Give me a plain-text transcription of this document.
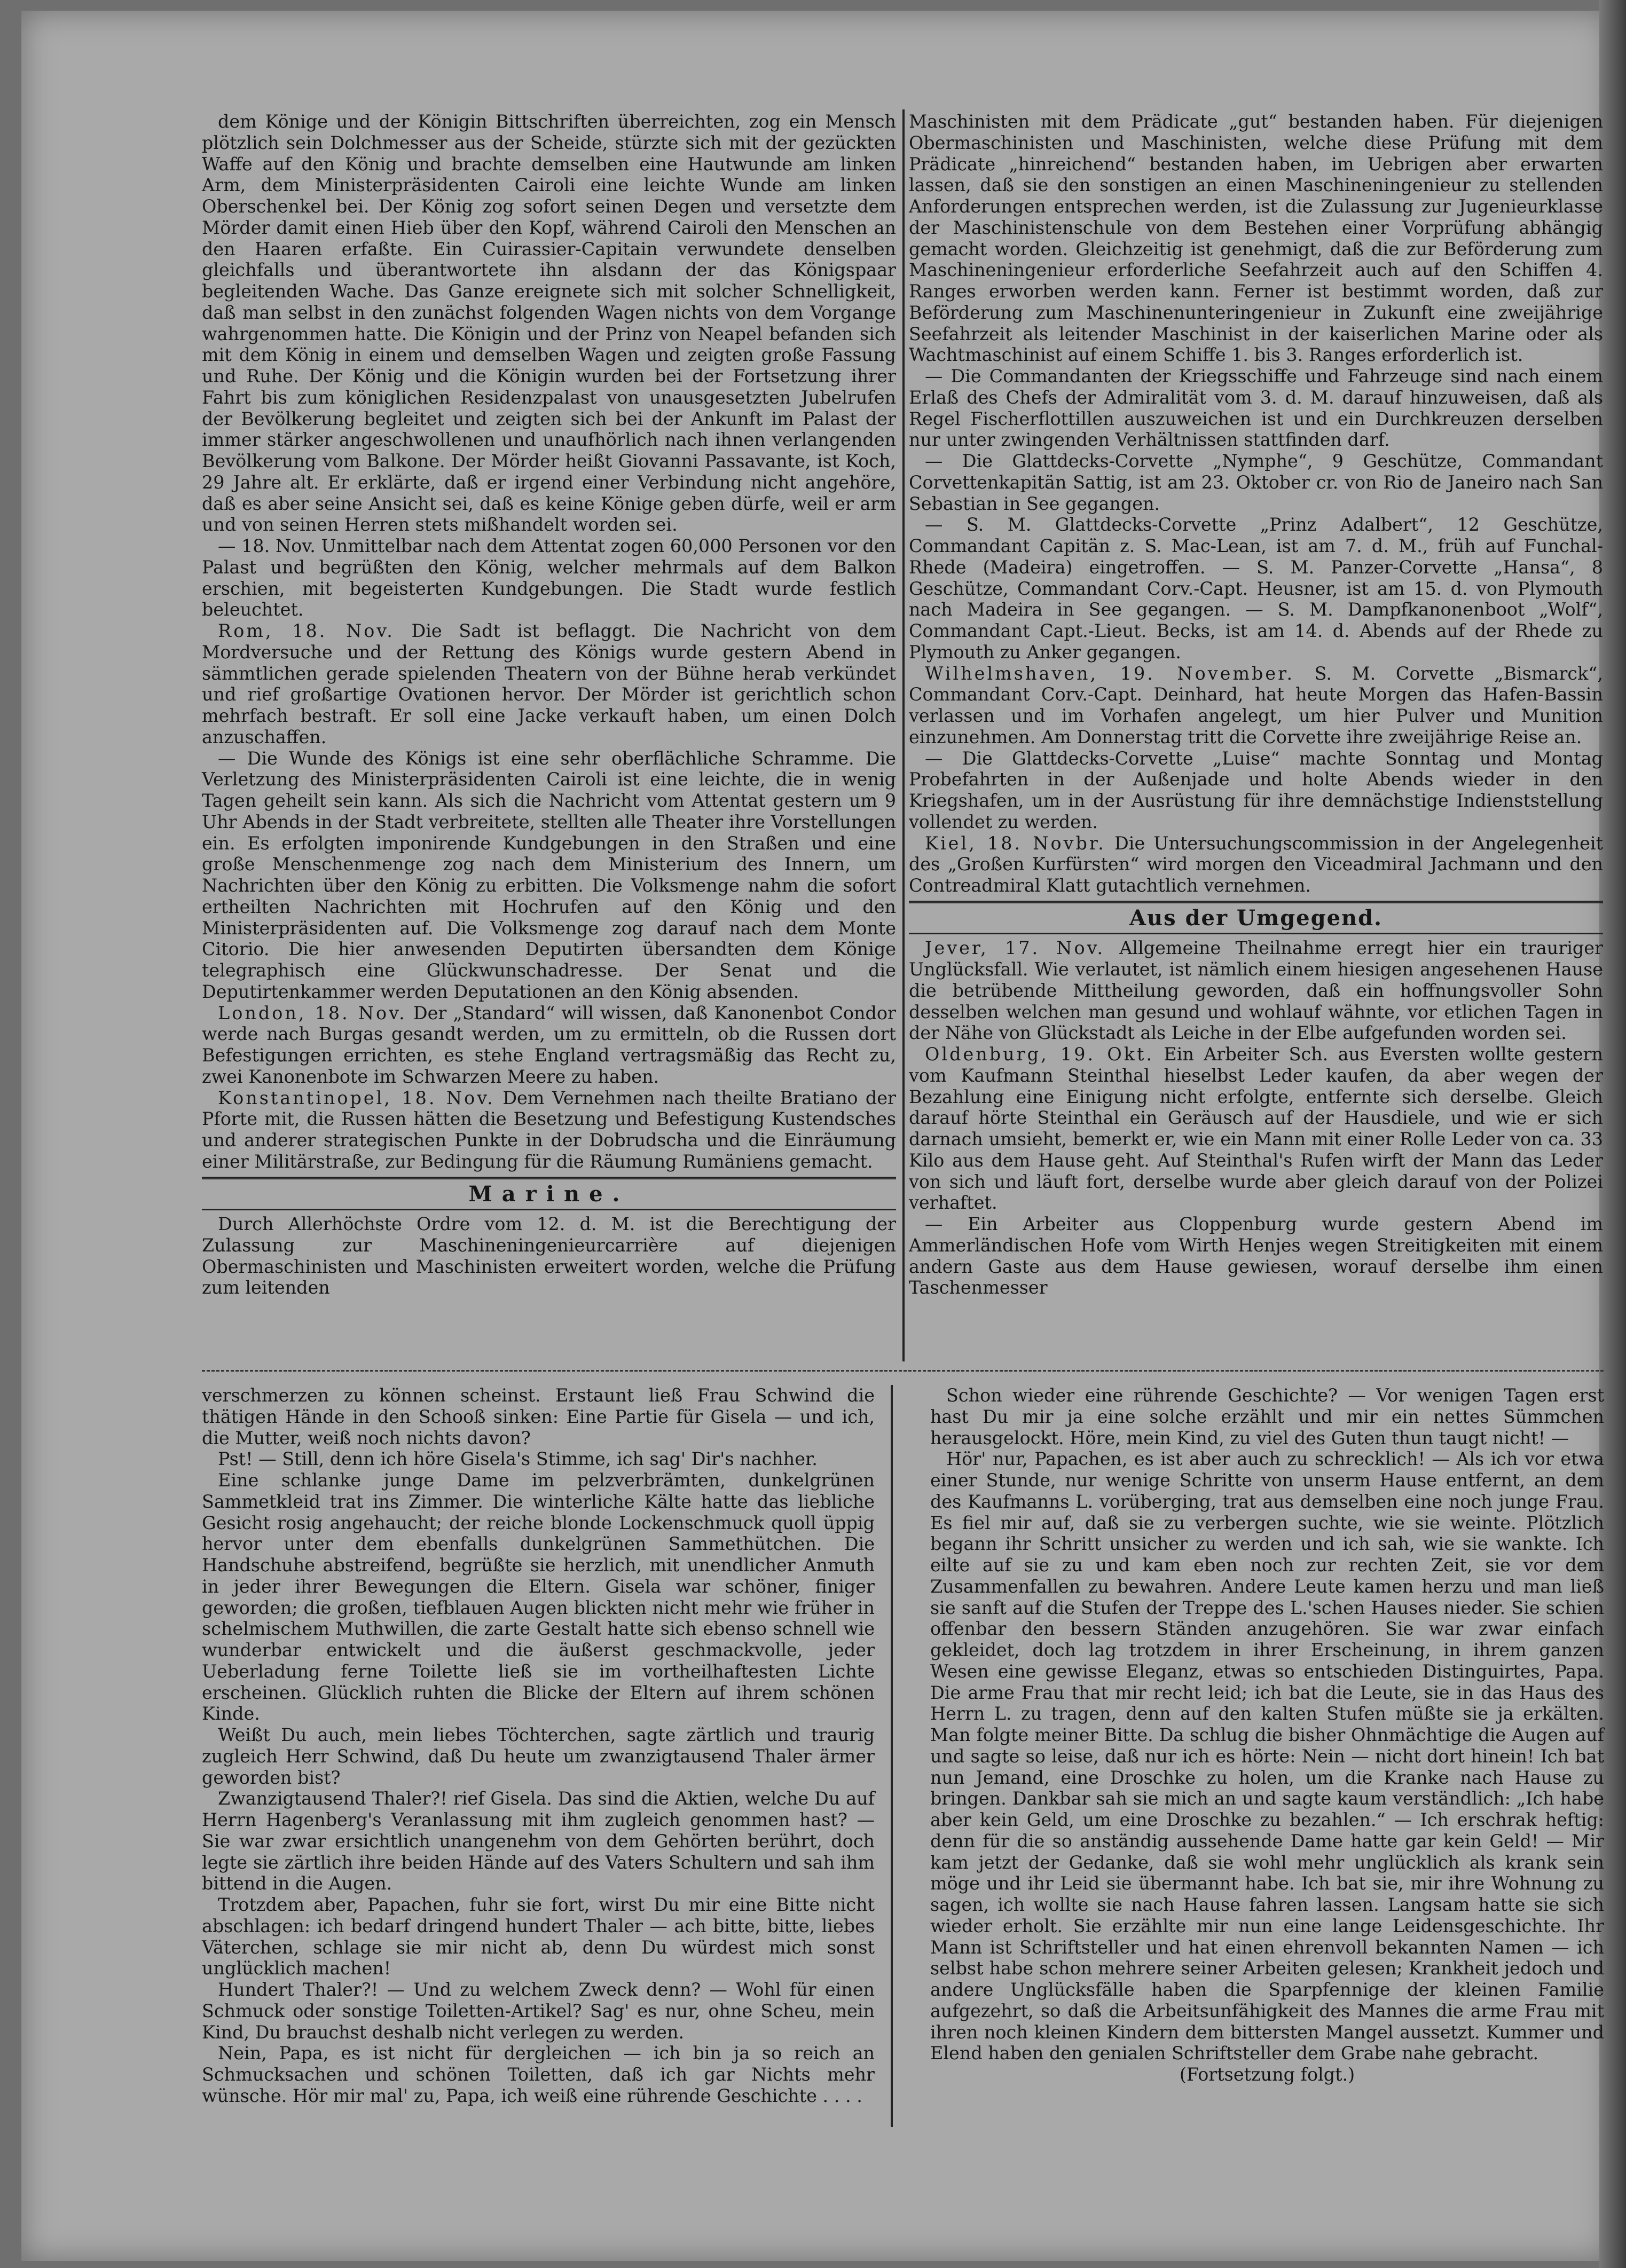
dem Könige und der Königin Bittschriften überreichten, zog ein Mensch plötzlich sein Dolchmesser aus der Scheide, stürzte sich mit der gezückten Waffe auf den König und brachte demselben eine Hautwunde am linken Arm, dem Ministerpräsidenten Cairoli eine leichte Wunde am linken Oberschenkel bei. Der König zog sofort seinen Degen und versetzte dem Mörder damit einen Hieb über den Kopf, während Cairoli den Menschen an den Haaren erfaßte. Ein Cuirassier-Capitain verwundete denselben gleichfalls und überantwortete ihn alsdann der das Königspaar begleitenden Wache. Das Ganze ereignete sich mit solcher Schnelligkeit, daß man selbst in den zunächst folgenden Wagen nichts von dem Vorgange wahrgenommen hatte. Die Königin und der Prinz von Neapel befanden sich mit dem König in einem und demselben Wagen und zeigten große Fassung und Ruhe. Der König und die Königin wurden bei der Fortsetzung ihrer Fahrt bis zum königlichen Residenzpalast von unausgesetzten Jubelrufen der Bevölkerung begleitet und zeigten sich bei der Ankunft im Palast der immer stärker angeschwollenen und unaufhörlich nach ihnen verlangenden Bevölkerung vom Balkone. Der Mörder heißt Giovanni Passavante, ist Koch, 29 Jahre alt. Er erklärte, daß er irgend einer Verbindung nicht angehöre, daß es aber seine Ansicht sei, daß es keine Könige geben dürfe, weil er arm und von seinen Herren stets mißhandelt worden sei.

— 18. Nov. Unmittelbar nach dem Attentat zogen 60,000 Personen vor den Palast und begrüßten den König, welcher mehrmals auf dem Balkon erschien, mit begeisterten Kundgebungen. Die Stadt wurde festlich beleuchtet.

Rom, 18. Nov. Die Sadt ist beflaggt. Die Nachricht von dem Mordversuche und der Rettung des Königs wurde gestern Abend in sämmtlichen gerade spielenden Theatern von der Bühne herab verkündet und rief großartige Ovationen hervor. Der Mörder ist gerichtlich schon mehrfach bestraft. Er soll eine Jacke verkauft haben, um einen Dolch anzuschaffen.

— Die Wunde des Königs ist eine sehr oberflächliche Schramme. Die Verletzung des Ministerpräsidenten Cairoli ist eine leichte, die in wenig Tagen geheilt sein kann. Als sich die Nachricht vom Attentat gestern um 9 Uhr Abends in der Stadt verbreitete, stellten alle Theater ihre Vorstellungen ein. Es erfolgten imponirende Kundgebungen in den Straßen und eine große Menschenmenge zog nach dem Ministerium des Innern, um Nachrichten über den König zu erbitten. Die Volksmenge nahm die sofort ertheilten Nachrichten mit Hochrufen auf den König und den Ministerpräsidenten auf. Die Volksmenge zog darauf nach dem Monte Citorio. Die hier anwesenden Deputirten übersandten dem Könige telegraphisch eine Glückwunschadresse. Der Senat und die Deputirtenkammer werden Deputationen an den König absenden.

London, 18. Nov. Der „Standard“ will wissen, daß Kanonenbot Condor werde nach Burgas gesandt werden, um zu ermitteln, ob die Russen dort Befestigungen errichten, es stehe England vertragsmäßig das Recht zu, zwei Kanonenbote im Schwarzen Meere zu haben.

Konstantinopel, 18. Nov. Dem Vernehmen nach theilte Bratiano der Pforte mit, die Russen hätten die Besetzung und Befestigung Kustendsches und anderer strategischen Punkte in der Dobrudscha und die Einräumung einer Militärstraße, zur Bedingung für die Räumung Rumäniens gemacht.

Marine.

Durch Allerhöchste Ordre vom 12. d. M. ist die Berechtigung der Zulassung zur Maschineningenieurcarrière auf diejenigen Obermaschinisten und Maschinisten erweitert worden, welche die Prüfung zum leitenden

Maschinisten mit dem Prädicate „gut“ bestanden haben. Für diejenigen Obermaschinisten und Maschinisten, welche diese Prüfung mit dem Prädicate „hinreichend“ bestanden haben, im Uebrigen aber erwarten lassen, daß sie den sonstigen an einen Maschineningenieur zu stellenden Anforderungen entsprechen werden, ist die Zulassung zur Jugenieurklasse der Maschinistenschule von dem Bestehen einer Vorprüfung abhängig gemacht worden. Gleichzeitig ist genehmigt, daß die zur Beförderung zum Maschineningenieur erforderliche Seefahrzeit auch auf den Schiffen 4. Ranges erworben werden kann. Ferner ist bestimmt worden, daß zur Beförderung zum Maschinenunteringenieur in Zukunft eine zweijährige Seefahrzeit als leitender Maschinist in der kaiserlichen Marine oder als Wachtmaschinist auf einem Schiffe 1. bis 3. Ranges erforderlich ist.

— Die Commandanten der Kriegsschiffe und Fahrzeuge sind nach einem Erlaß des Chefs der Admiralität vom 3. d. M. darauf hinzuweisen, daß als Regel Fischerflottillen auszuweichen ist und ein Durchkreuzen derselben nur unter zwingenden Verhältnissen stattfinden darf.

— Die Glattdecks-Corvette „Nymphe“, 9 Geschütze, Commandant Corvettenkapitän Sattig, ist am 23. Oktober cr. von Rio de Janeiro nach San Sebastian in See gegangen.

— S. M. Glattdecks-Corvette „Prinz Adalbert“, 12 Geschütze, Commandant Capitän z. S. Mac-Lean, ist am 7. d. M., früh auf Funchal-Rhede (Madeira) eingetroffen. — S. M. Panzer-Corvette „Hansa“, 8 Geschütze, Commandant Corv.-Capt. Heusner, ist am 15. d. von Plymouth nach Madeira in See gegangen. — S. M. Dampfkanonenboot „Wolf“, Commandant Capt.-Lieut. Becks, ist am 14. d. Abends auf der Rhede zu Plymouth zu Anker gegangen.

Wilhelmshaven, 19. November. S. M. Corvette „Bismarck“, Commandant Corv.-Capt. Deinhard, hat heute Morgen das Hafen-Bassin verlassen und im Vorhafen angelegt, um hier Pulver und Munition einzunehmen. Am Donnerstag tritt die Corvette ihre zweijährige Reise an.

— Die Glattdecks-Corvette „Luise“ machte Sonntag und Montag Probefahrten in der Außenjade und holte Abends wieder in den Kriegshafen, um in der Ausrüstung für ihre demnächstige Indienststellung vollendet zu werden.

Kiel, 18. Novbr. Die Untersuchungscommission in der Angelegenheit des „Großen Kurfürsten“ wird morgen den Viceadmiral Jachmann und den Contreadmiral Klatt gutachtlich vernehmen.

Aus der Umgegend.

Jever, 17. Nov. Allgemeine Theilnahme erregt hier ein trauriger Unglücksfall. Wie verlautet, ist nämlich einem hiesigen angesehenen Hause die betrübende Mittheilung geworden, daß ein hoffnungsvoller Sohn desselben welchen man gesund und wohlauf wähnte, vor etlichen Tagen in der Nähe von Glückstadt als Leiche in der Elbe aufgefunden worden sei.

Oldenburg, 19. Okt. Ein Arbeiter Sch. aus Eversten wollte gestern vom Kaufmann Steinthal hieselbst Leder kaufen, da aber wegen der Bezahlung eine Einigung nicht erfolgte, entfernte sich derselbe. Gleich darauf hörte Steinthal ein Geräusch auf der Hausdiele, und wie er sich darnach umsieht, bemerkt er, wie ein Mann mit einer Rolle Leder von ca. 33 Kilo aus dem Hause geht. Auf Steinthal's Rufen wirft der Mann das Leder von sich und läuft fort, derselbe wurde aber gleich darauf von der Polizei verhaftet.

— Ein Arbeiter aus Cloppenburg wurde gestern Abend im Ammerländischen Hofe vom Wirth Henjes wegen Streitigkeiten mit einem andern Gaste aus dem Hause gewiesen, worauf derselbe ihm einen Taschenmesser

verschmerzen zu können scheinst. Erstaunt ließ Frau Schwind die thätigen Hände in den Schooß sinken: Eine Partie für Gisela — und ich, die Mutter, weiß noch nichts davon?

Pst! — Still, denn ich höre Gisela's Stimme, ich sag' Dir's nachher.

Eine schlanke junge Dame im pelzverbrämten, dunkelgrünen Sammetkleid trat ins Zimmer. Die winterliche Kälte hatte das liebliche Gesicht rosig angehaucht; der reiche blonde Lockenschmuck quoll üppig hervor unter dem ebenfalls dunkelgrünen Sammethütchen. Die Handschuhe abstreifend, begrüßte sie herzlich, mit unendlicher Anmuth in jeder ihrer Bewegungen die Eltern. Gisela war schöner, finiger geworden; die großen, tiefblauen Augen blickten nicht mehr wie früher in schelmischem Muthwillen, die zarte Gestalt hatte sich ebenso schnell wie wunderbar entwickelt und die äußerst geschmackvolle, jeder Ueberladung ferne Toilette ließ sie im vortheilhaftesten Lichte erscheinen. Glücklich ruhten die Blicke der Eltern auf ihrem schönen Kinde.

Weißt Du auch, mein liebes Töchterchen, sagte zärtlich und traurig zugleich Herr Schwind, daß Du heute um zwanzigtausend Thaler ärmer geworden bist?

Zwanzigtausend Thaler?! rief Gisela. Das sind die Aktien, welche Du auf Herrn Hagenberg's Veranlassung mit ihm zugleich genommen hast? — Sie war zwar ersichtlich unangenehm von dem Gehörten berührt, doch legte sie zärtlich ihre beiden Hände auf des Vaters Schultern und sah ihm bittend in die Augen.

Trotzdem aber, Papachen, fuhr sie fort, wirst Du mir eine Bitte nicht abschlagen: ich bedarf dringend hundert Thaler — ach bitte, bitte, liebes Väterchen, schlage sie mir nicht ab, denn Du würdest mich sonst unglücklich machen!

Hundert Thaler?! — Und zu welchem Zweck denn? — Wohl für einen Schmuck oder sonstige Toiletten-Artikel? Sag' es nur, ohne Scheu, mein Kind, Du brauchst deshalb nicht verlegen zu werden.

Nein, Papa, es ist nicht für dergleichen — ich bin ja so reich an Schmucksachen und schönen Toiletten, daß ich gar Nichts mehr wünsche. Hör mir mal' zu, Papa, ich weiß eine rührende Geschichte . . . .

Schon wieder eine rührende Geschichte? — Vor wenigen Tagen erst hast Du mir ja eine solche erzählt und mir ein nettes Sümmchen herausgelockt. Höre, mein Kind, zu viel des Guten thun taugt nicht! —

Hör' nur, Papachen, es ist aber auch zu schrecklich! — Als ich vor etwa einer Stunde, nur wenige Schritte von unserm Hause entfernt, an dem des Kaufmanns L. vorüberging, trat aus demselben eine noch junge Frau. Es fiel mir auf, daß sie zu verbergen suchte, wie sie weinte. Plötzlich begann ihr Schritt unsicher zu werden und ich sah, wie sie wankte. Ich eilte auf sie zu und kam eben noch zur rechten Zeit, sie vor dem Zusammenfallen zu bewahren. Andere Leute kamen herzu und man ließ sie sanft auf die Stufen der Treppe des L.'schen Hauses nieder. Sie schien offenbar den bessern Ständen anzugehören. Sie war zwar einfach gekleidet, doch lag trotzdem in ihrer Erscheinung, in ihrem ganzen Wesen eine gewisse Eleganz, etwas so entschieden Distinguirtes, Papa. Die arme Frau that mir recht leid; ich bat die Leute, sie in das Haus des Herrn L. zu tragen, denn auf den kalten Stufen müßte sie ja erkälten. Man folgte meiner Bitte. Da schlug die bisher Ohnmächtige die Augen auf und sagte so leise, daß nur ich es hörte: Nein — nicht dort hinein! Ich bat nun Jemand, eine Droschke zu holen, um die Kranke nach Hause zu bringen. Dankbar sah sie mich an und sagte kaum verständlich: „Ich habe aber kein Geld, um eine Droschke zu bezahlen.“ — Ich erschrak heftig: denn für die so anständig aussehende Dame hatte gar kein Geld! — Mir kam jetzt der Gedanke, daß sie wohl mehr unglücklich als krank sein möge und ihr Leid sie übermannt habe. Ich bat sie, mir ihre Wohnung zu sagen, ich wollte sie nach Hause fahren lassen. Langsam hatte sie sich wieder erholt. Sie erzählte mir nun eine lange Leidensgeschichte. Ihr Mann ist Schriftsteller und hat einen ehrenvoll bekannten Namen — ich selbst habe schon mehrere seiner Arbeiten gelesen; Krankheit jedoch und andere Unglücksfälle haben die Sparpfennige der kleinen Familie aufgezehrt, so daß die Arbeitsunfähigkeit des Mannes die arme Frau mit ihren noch kleinen Kindern dem bittersten Mangel aussetzt. Kummer und Elend haben den genialen Schriftsteller dem Grabe nahe gebracht.

(Fortsetzung folgt.)
